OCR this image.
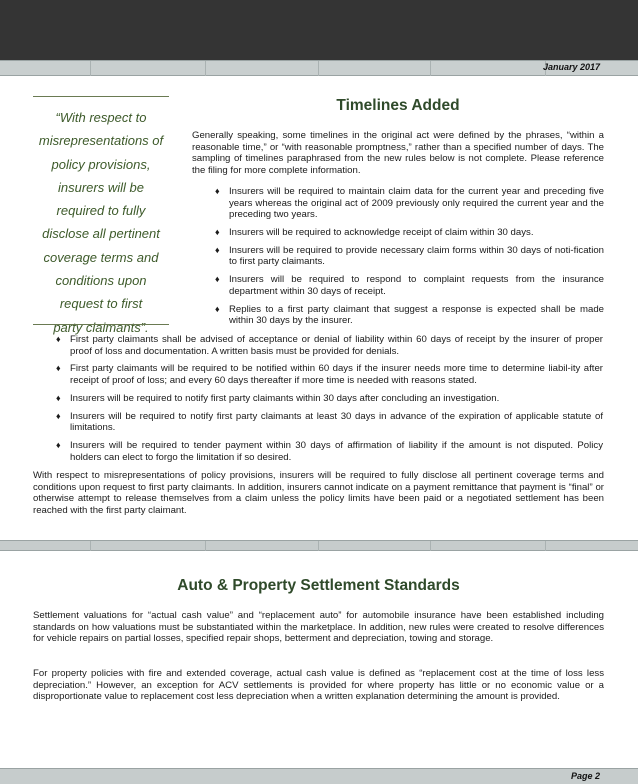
January 2017
“With respect to
misrepresentations of
policy provisions,
insurers will be
required to fully
disclose all pertinent
coverage terms and
conditions upon
request to first
party claimants”.
Timelines Added

Generally speaking, some timelines in the original act were defined by the phrases, “within a reasonable time,” or “with reasonable promptness,” rather than a specified number of days. The sampling of timelines paraphrased from the new rules below is not complete. Please reference the filing for more complete information.

♦ Insurers will be required to maintain claim data for the current year and preceding five years whereas the original act of 2009 previously only required the current year and the preceding two years.
♦ Insurers will be required to acknowledge receipt of claim within 30 days.
♦ Insurers will be required to provide necessary claim forms within 30 days of noti-fication to first party claimants.
♦ Insurers will be required to respond to complaint requests from the insurance department within 30 days of receipt.
♦ Replies to a first party claimant that suggest a response is expected shall be made within 30 days by the insurer.
♦ First party claimants shall be advised of acceptance or denial of liability within 60 days of receipt by the insurer of proper proof of loss and documentation. A written basis must be provided for denials.
♦ First party claimants will be required to be notified within 60 days if the insurer needs more time to determine liabil-ity after receipt of proof of loss; and every 60 days thereafter if more time is needed with reasons stated.
♦ Insurers will be required to notify first party claimants within 30 days after concluding an investigation.
♦ Insurers will be required to notify first party claimants at least 30 days in advance of the expiration of applicable statute of limitations.
♦ Insurers will be required to tender payment within 30 days of affirmation of liability if the amount is not disputed. Policy holders can elect to forgo the limitation if so desired.

With respect to misrepresentations of policy provisions, insurers will be required to fully disclose all pertinent coverage terms and conditions upon request to first party claimants. In addition, insurers cannot indicate on a payment remittance that payment is “final” or otherwise attempt to release themselves from a claim unless the policy limits have been paid or a negotiated settlement has been reached with the first party claimant.

Auto & Property Settlement Standards

Settlement valuations for “actual cash value” and “replacement auto” for automobile insurance have been established including standards on how valuations must be substantiated within the marketplace. In addition, new rules were created to resolve differences for vehicle repairs on partial losses, specified repair shops, betterment and depreciation, towing and storage.

For property policies with fire and extended coverage, actual cash value is defined as “replacement cost at the time of loss less depreciation.” However, an exception for ACV settlements is provided for where property has little or no economic value or a disproportionate value to replacement cost less depreciation when a written explanation determining the amount is provided.

Page 2
